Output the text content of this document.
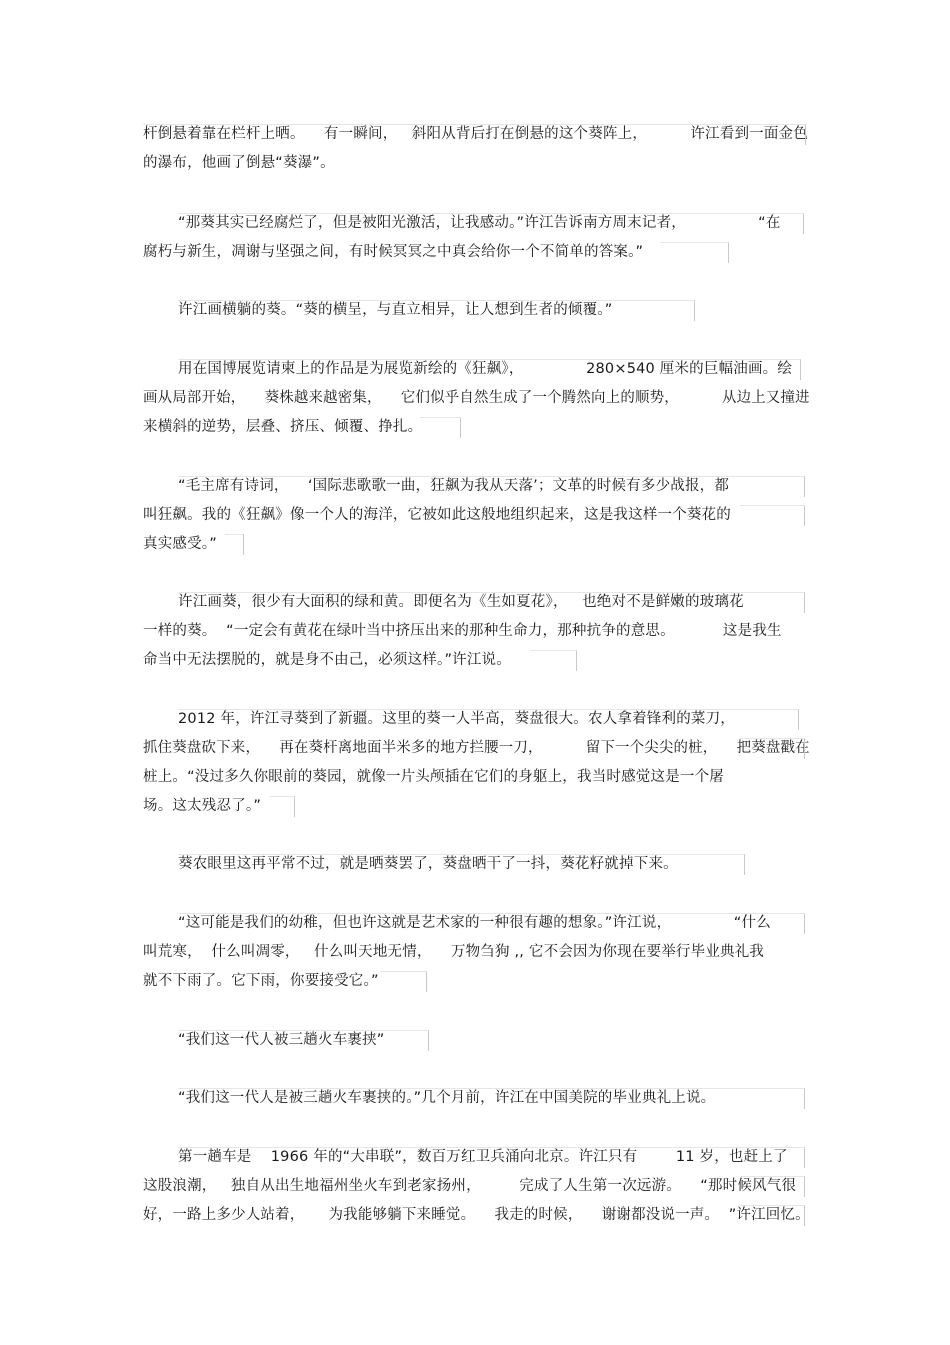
杆倒悬着靠在栏杆上晒。    有一瞬间，   斜阳从背后打在倒悬的这个葵阵上，         许江看到一面金色
的瀑布，他画了倒悬“葵瀑”。
“那葵其实已经腐烂了，但是被阳光激活，让我感动。”许江告诉南方周末记者，               “在
腐朽与新生，凋谢与坚强之间，有时候冥冥之中真会给你一个不简单的答案。”
许江画横躺的葵。“葵的横呈，与直立相异，让人想到生者的倾覆。”
用在国博展览请柬上的作品是为展览新绘的《狂飙》，             280×540 厘米的巨幅油画。绘
画从局部开始，    葵株越来越密集，    它们似乎自然生成了一个腾然向上的顺势，         从边上又撞进
来横斜的逆势，层叠、挤压、倾覆、挣扎。
“毛主席有诗词，    ‘国际悲歌歌一曲，狂飙为我从天落’；文革的时候有多少战报，都
叫狂飙。我的《狂飙》像一个人的海洋，它被如此这般地组织起来，这是我这样一个葵花的
真实感受。”
许江画葵，很少有大面积的绿和黄。即便名为《生如夏花》，   也绝对不是鲜嫩的玻璃花
一样的葵。  “一定会有黄花在绿叶当中挤压出来的那种生命力，那种抗争的意思。          这是我生
命当中无法摆脱的，就是身不由己，必须这样。”许江说。
2012 年，许江寻葵到了新疆。这里的葵一人半高，葵盘很大。农人拿着锋利的菜刀，
抓住葵盘砍下来，    再在葵杆离地面半米多的地方拦腰一刀，         留下一个尖尖的桩，    把葵盘戳在
桩上。“没过多久你眼前的葵园，就像一片头颅插在它们的身躯上，我当时感觉这是一个屠
场。这太残忍了。”
葵农眼里这再平常不过，就是晒葵罢了，葵盘晒干了一抖，葵花籽就掉下来。
“这可能是我们的幼稚，但也许这就是艺术家的一种很有趣的想象。”许江说，             “什么
叫荒寒，  什么叫凋零，   什么叫天地无情，    万物刍狗 ,, 它不会因为你现在要举行毕业典礼我
就不下雨了。它下雨，你要接受它。”
“我们这一代人被三趟火车裹挟”
“我们这一代人是被三趟火车裹挟的。”几个月前，许江在中国美院的毕业典礼上说。
第一趟车是    1966 年的“大串联”，数百万红卫兵涌向北京。许江只有        11 岁，也赶上了
这股浪潮，   独自从出生地福州坐火车到老家扬州，        完成了人生第一次远游。    “那时候风气很
好，一路上多少人站着，     为我能够躺下来睡觉。    我走的时候，    谢谢都没说一声。  ”许江回忆。
